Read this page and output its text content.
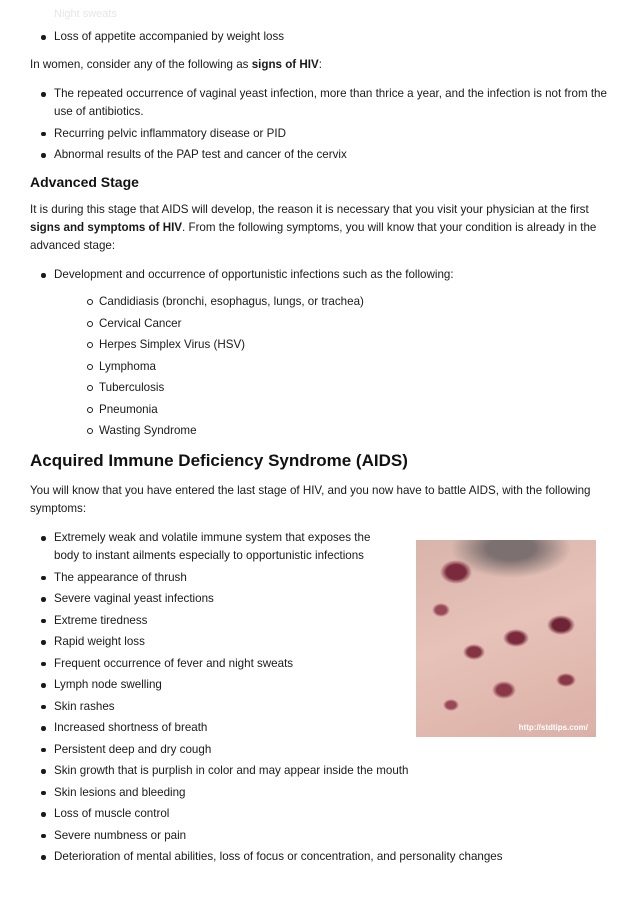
Night sweats
Loss of appetite accompanied by weight loss

In women, consider any of the following as signs of HIV:

The repeated occurrence of vaginal yeast infection, more than thrice a year, and the infection is not from the use of antibiotics.
Recurring pelvic inflammatory disease or PID
Abnormal results of the PAP test and cancer of the cervix
Advanced Stage

It is during this stage that AIDS will develop, the reason it is necessary that you visit your physician at the first signs and symptoms of HIV. From the following symptoms, you will know that your condition is already in the advanced stage:

Development and occurrence of opportunistic infections such as the following:
Candidiasis (bronchi, esophagus, lungs, or trachea)
Cervical Cancer
Herpes Simplex Virus (HSV)
Lymphoma
Tuberculosis
Pneumonia
Wasting Syndrome
Acquired Immune Deficiency Syndrome (AIDS)

You will know that you have entered the last stage of HIV, and you now have to battle AIDS, with the following symptoms:

Extremely weak and volatile immune system that exposes the
body to instant ailments especially to opportunistic infections
The appearance of thrush
Severe vaginal yeast infections
Extreme tiredness
Rapid weight loss
Frequent occurrence of fever and night sweats
Lymph node swelling
Skin rashes
Increased shortness of breath
Persistent deep and dry cough
Skin growth that is purplish in color and may appear inside the mouth
Skin lesions and bleeding
Loss of muscle control
Severe numbness or pain
Deterioration of mental abilities, loss of focus or concentration, and personality changes
http://stdtips.com/
